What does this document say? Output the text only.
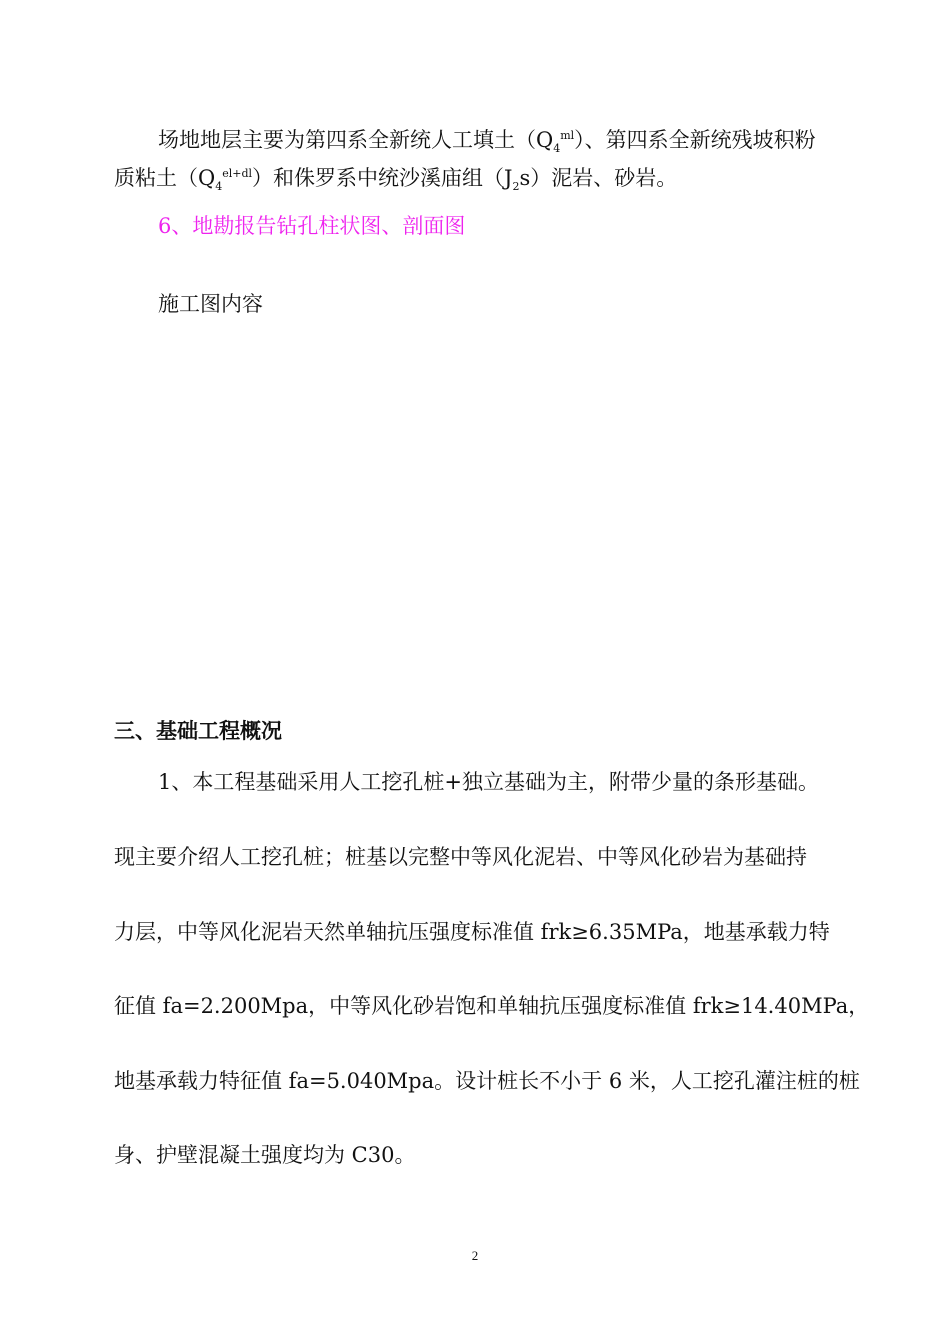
场地地层主要为第四系全新统人工填土$(Q_4^{ml})$、第四系全新统残坡积粉
质粘土$(Q_4^{el+dl})$和侏罗系中统沙溪庙组$(J_2s)$泥岩、砂岩。
6、地勘报告钻孔柱状图、剖面图
施工图内容
三、基础工程概况
1、本工程基础采用人工挖孔桩+独立基础为主，附带少量的条形基础。
现主要介绍人工挖孔桩；桩基以完整中等风化泥岩、中等风化砂岩为基础持
力层，中等风化泥岩天然单轴抗压强度标准值 frk≥6.35MPa，地基承载力特
征值 fa=2.200Mpa，中等风化砂岩饱和单轴抗压强度标准值 frk≥14.40MPa，
地基承载力特征值 fa=5.040Mpa。设计桩长不小于 6 米，人工挖孔灌注桩的桩
身、护壁混凝土强度均为 C30。
2
